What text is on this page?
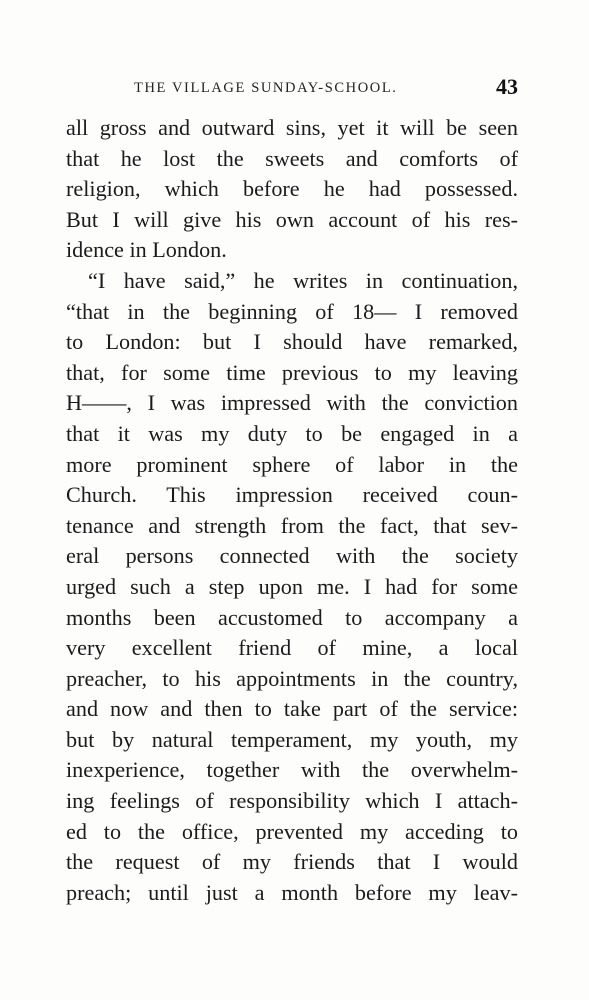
THE VILLAGE SUNDAY-SCHOOL.	43
all gross and outward sins, yet it will be seen
that he lost the sweets and comforts of
religion, which before he had possessed.
But I will give his own account of his res-
idence in London.
“I have said,” he writes in continuation,
“that in the beginning of 18— I removed
to London: but I should have remarked,
that, for some time previous to my leaving
H——, I was impressed with the conviction
that it was my duty to be engaged in a
more prominent sphere of labor in the
Church. This impression received coun-
tenance and strength from the fact, that sev-
eral persons connected with the society
urged such a step upon me. I had for some
months been accustomed to accompany a
very excellent friend of mine, a local
preacher, to his appointments in the country,
and now and then to take part of the service:
but by natural temperament, my youth, my
inexperience, together with the overwhelm-
ing feelings of responsibility which I attach-
ed to the office, prevented my acceding to
the request of my friends that I would
preach; until just a month before my leav-
